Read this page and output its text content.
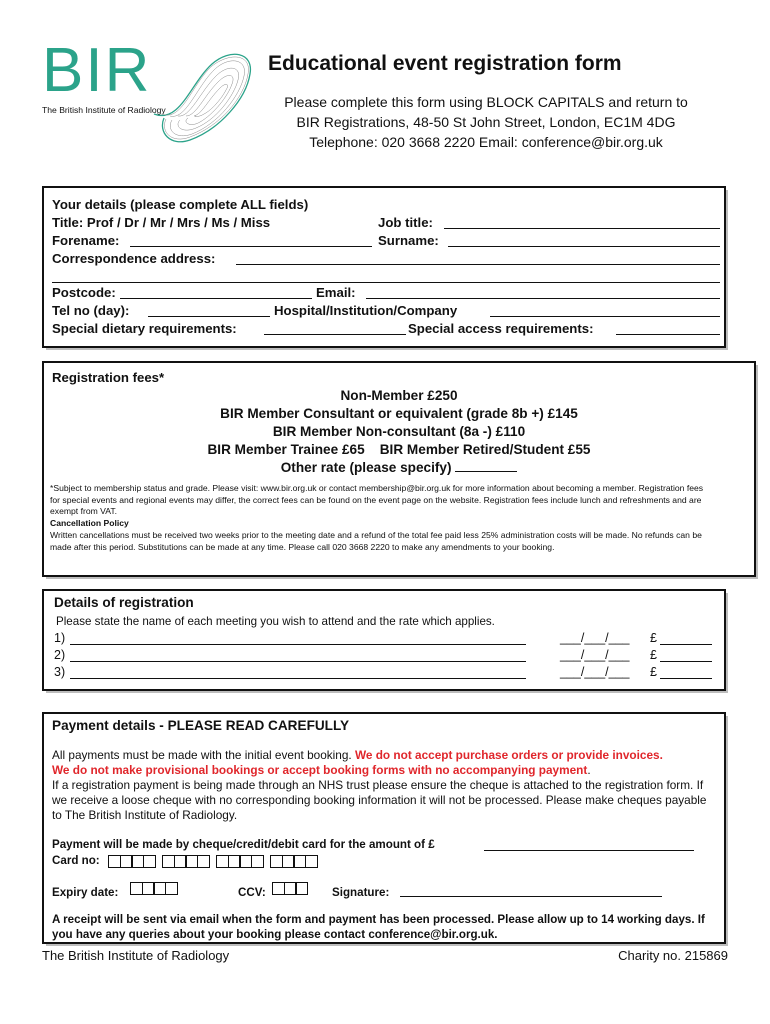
BIR
The British Institute of Radiology
Educational event registration form
Please complete this form using BLOCK CAPITALS and return to
BIR Registrations, 48-50 St John Street, London, EC1M 4DG
Telephone: 020 3668 2220 Email: conference@bir.org.uk
Your details (please complete ALL fields)
Title: Prof / Dr / Mr / Mrs / Ms / Miss	Job title:
Forename:	Surname:
Correspondence address:
Postcode:	Email:
Tel no (day):	Hospital/Institution/Company
Special dietary requirements:	Special access requirements:
Registration fees*
Non-Member £250
BIR Member Consultant or equivalent (grade 8b +) £145
BIR Member Non-consultant (8a -) £110
BIR Member Trainee £65    BIR Member Retired/Student £55
Other rate (please specify)
*Subject to membership status and grade. Please visit: www.bir.org.uk or contact membership@bir.org.uk for more information about becoming a member. Registration fees for special events and regional events may differ, the correct fees can be found on the event page on the website. Registration fees include lunch and refreshments and are exempt from VAT.
Cancellation Policy
Written cancellations must be received two weeks prior to the meeting date and a refund of the total fee paid less 25% administration costs will be made. No refunds can be made after this period. Substitutions can be made at any time. Please call 020 3668 2220 to make any amendments to your booking.
Details of registration
Please state the name of each meeting you wish to attend and the rate which applies.
1)	___/___/___ £
2)	___/___/___ £
3)	___/___/___ £
Payment details - PLEASE READ CAREFULLY
All payments must be made with the initial event booking. We do not accept purchase orders or provide invoices.
We do not make provisional bookings or accept booking forms with no accompanying payment.
If a registration payment is being made through an NHS trust please ensure the cheque is attached to the registration form. If we receive a loose cheque with no corresponding booking information it will not be processed. Please make cheques payable to The British Institute of Radiology.
Payment will be made by cheque/credit/debit card for the amount of £
Card no:
Expiry date:	CCV:	Signature:
A receipt will be sent via email when the form and payment has been processed. Please allow up to 14 working days. If you have any queries about your booking please contact conference@bir.org.uk.
The British Institute of Radiology	Charity no. 215869
